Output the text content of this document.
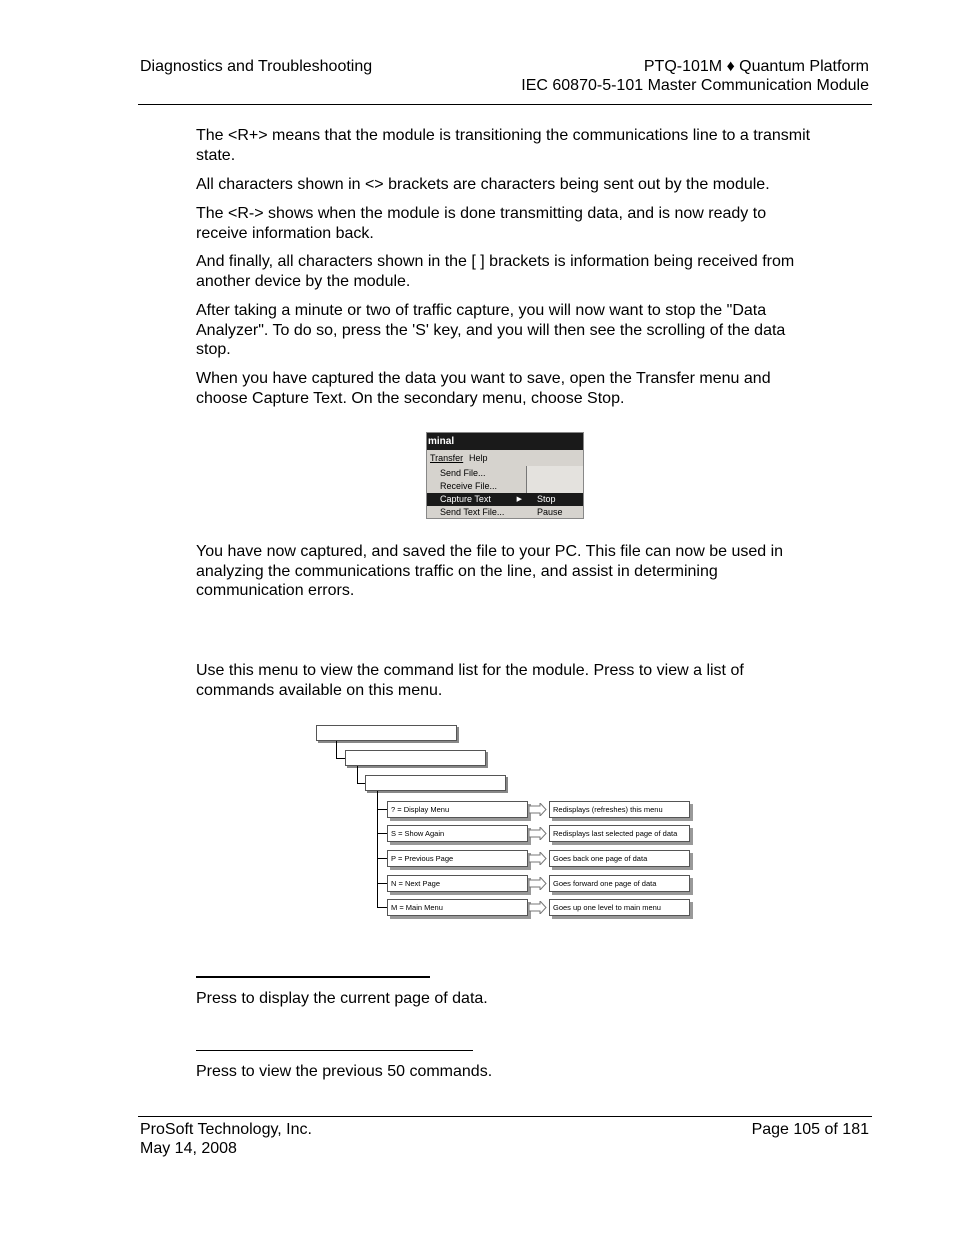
Diagnostics and Troubleshooting	PTQ-101M ♦ Quantum Platform
IEC 60870-5-101 Master Communication Module
The <R+> means that the module is transitioning the communications line to a transmit state.
All characters shown in <> brackets are characters being sent out by the module.
The <R-> shows when the module is done transmitting data, and is now ready to receive information back.
And finally, all characters shown in the [ ] brackets is information being received from another device by the module.
After taking a minute or two of traffic capture, you will now want to stop the "Data Analyzer". To do so, press the 'S' key, and you will then see the scrolling of the data stop.
When you have captured the data you want to save, open the Transfer menu and choose Capture Text. On the secondary menu, choose Stop.
minal
Transfer Help
Send File...
Receive File...
Capture Text	▶
Send Text File...
Stop
Pause
You have now captured, and saved the file to your PC. This file can now be used in analyzing the communications traffic on the line, and assist in determining communication errors.
Use this menu to view the command list for the module. Press to view a list of commands available on this menu.
? = Display Menu	Redisplays (refreshes) this menu
S = Show Again	Redisplays last selected page of data
P = Previous Page	Goes back one page of data
N = Next Page	Goes forward one page of data
M = Main Menu	Goes up one level to main menu
Press to display the current page of data.
Press to view the previous 50 commands.
ProSoft Technology, Inc.
May 14, 2008
Page 105 of 181
